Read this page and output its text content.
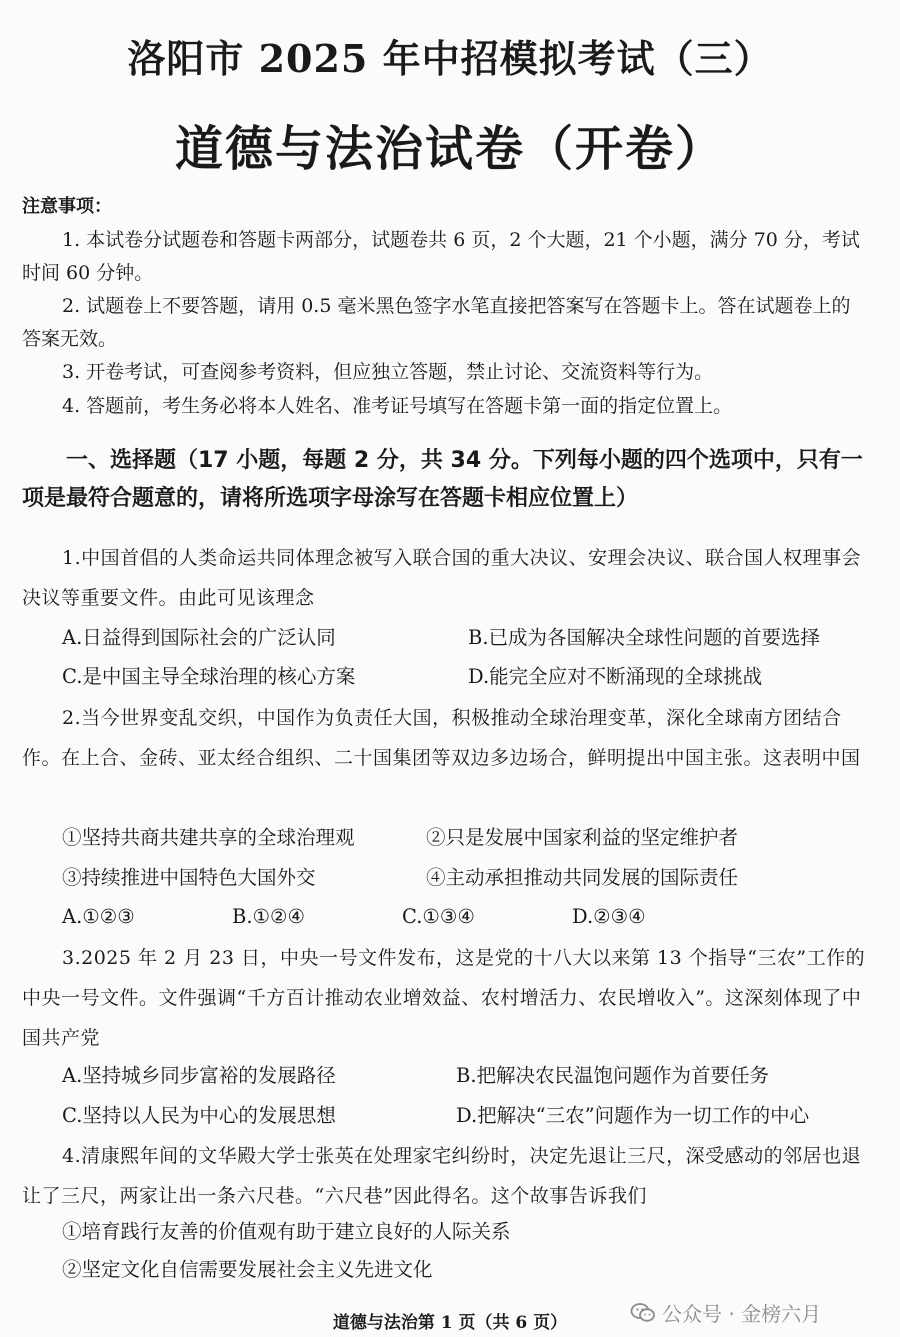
洛阳市 2025 年中招模拟考试（三）
道德与法治试卷（开卷）
注意事项：

1. 本试卷分试题卷和答题卡两部分，试题卷共 6 页，2 个大题，21 个小题，满分 70 分，考试时间 60 分钟。

2. 试题卷上不要答题，请用 0.5 毫米黑色签字水笔直接把答案写在答题卡上。答在试题卷上的答案无效。

3. 开卷考试，可查阅参考资料，但应独立答题，禁止讨论、交流资料等行为。

4. 答题前，考生务必将本人姓名、准考证号填写在答题卡第一面的指定位置上。

一、选择题（17 小题，每题 2 分，共 34 分。下列每小题的四个选项中，只有一项是最符合题意的，请将所选项字母涂写在答题卡相应位置上）

1.中国首倡的人类命运共同体理念被写入联合国的重大决议、安理会决议、联合国人权理事会决议等重要文件。由此可见该理念

A.日益得到国际社会的广泛认同	B.已成为各国解决全球性问题的首要选择
C.是中国主导全球治理的核心方案	D.能完全应对不断涌现的全球挑战

2.当今世界变乱交织，中国作为负责任大国，积极推动全球治理变革，深化全球南方团结合作。在上合、金砖、亚太经合组织、二十国集团等双边多边场合，鲜明提出中国主张。这表明中国

①坚持共商共建共享的全球治理观	②只是发展中国家利益的坚定维护者
③持续推进中国特色大国外交	④主动承担推动共同发展的国际责任
A.①②③	B.①②④	C.①③④	D.②③④

3.2025 年 2 月 23 日，中央一号文件发布，这是党的十八大以来第 13 个指导“三农”工作的中央一号文件。文件强调“千方百计推动农业增效益、农村增活力、农民增收入”。这深刻体现了中国共产党

A.坚持城乡同步富裕的发展路径	B.把解决农民温饱问题作为首要任务
C.坚持以人民为中心的发展思想	D.把解决“三农”问题作为一切工作的中心

4.清康熙年间的文华殿大学士张英在处理家宅纠纷时，决定先退让三尺，深受感动的邻居也退让了三尺，两家让出一条六尺巷。“六尺巷”因此得名。这个故事告诉我们

①培育践行友善的价值观有助于建立良好的人际关系
②坚定文化自信需要发展社会主义先进文化
道德与法治第 1 页（共 6 页）	公众号 · 金榜六月
